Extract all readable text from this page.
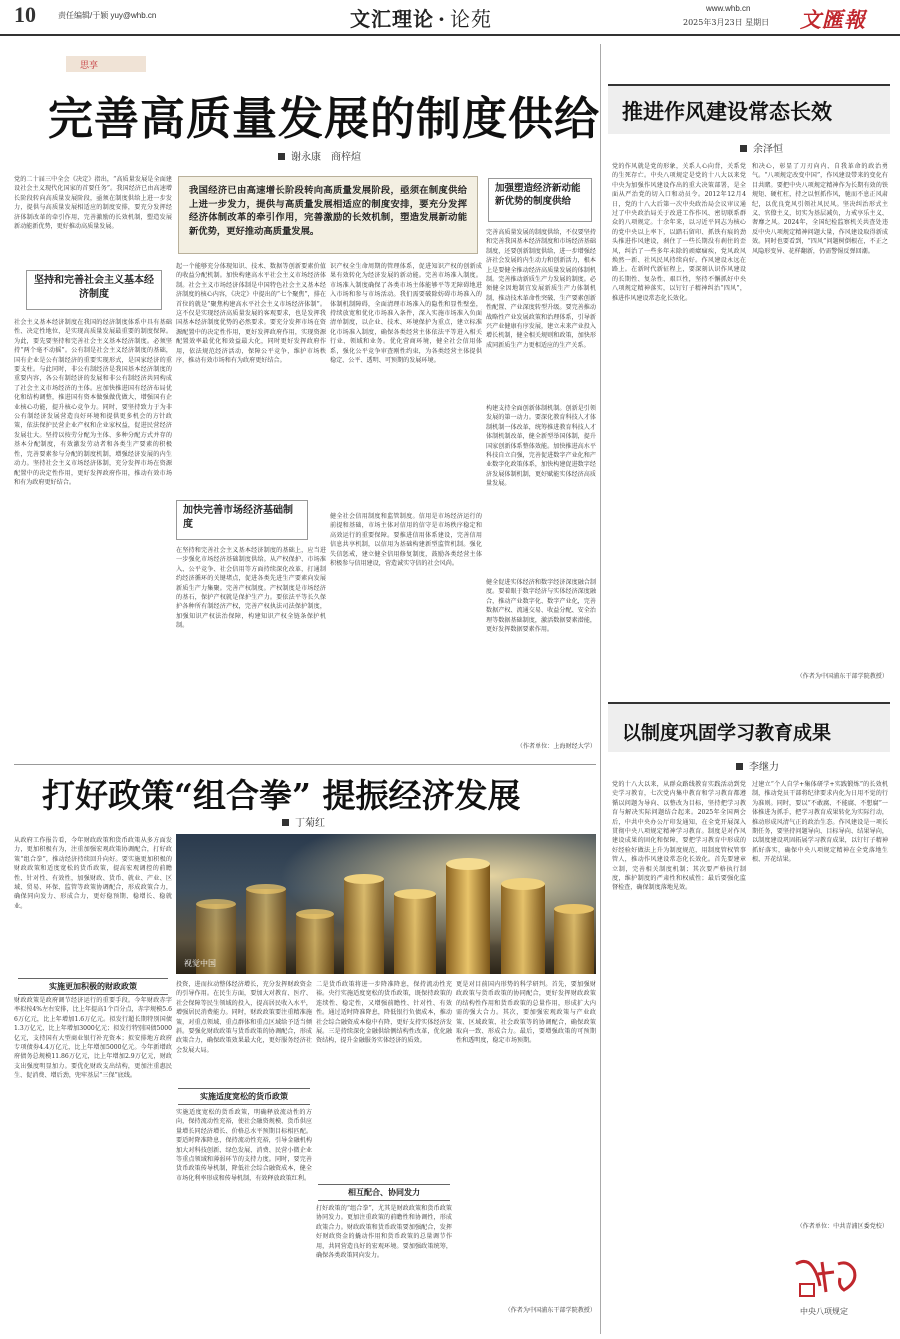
10	责任编辑/于颖 yuy@whb.cn	文汇理论 · 论苑	www.whb.cn
2025年3月23日 星期日 文匯報
思享
完善高质量发展的制度供给
谢永康　商梓煊
我国经济已由高速增长阶段转向高质量发展阶段，亟须在制度供给上进一步发力，提供与高质量发展相适应的制度安排，要充分发挥经济体制改革的牵引作用，完善激励的长效机制，塑造发展新动能新优势，更好推动高质量发展。
党的二十届三中全会《决定》指出，“高质量发展是全面建设社会主义现代化国家的首要任务”。我国经济已由高速增长阶段转向高质量发展阶段，亟须在制度供给上进一步发力，提供与高质量发展相适应的制度安排，要充分发挥经济体制改革的牵引作用，完善激励的长效机制，塑造发展新动能新优势，更好推动高质量发展。
坚持和完善社会主义基本经济制度
社会主义基本经济制度在我国的经济制度体系中具有基础性、决定性地位，是实现高质量发展最重要的制度保障。为此，要先要坚持和完善社会主义基本经济制度。必须坚持“两个毫不动摇”。公有制是社会主义经济制度的基础，国有企业是公有制经济的重要实现形式，是国家经济的重要支柱。与此同时，非公有制经济是我国基本经济制度的重要内容，各公有制经济的发展和非公有制经济共同构成了社会主义市场经济的主体。应加快推进国有经济布局优化和结构调整，推进国有资本做强做优做大，增强国有企业核心功能，提升核心竞争力。同时，要坚持致力于为非公有制经济发展营造良好环境和提供更多机会的方针政策，依法保护民营企业产权和企业家权益，促进民营经济发展壮大。坚持以按劳分配为主体、多种分配方式并存的基本分配制度，有效激发劳动者和各类生产要素的积极性，完善要素参与分配的制度机制，增强经济发展的内生动力。坚持社会主义市场经济体制，充分发挥市场在资源配置中的决定性作用，更好发挥政府作用，推动有效市场和有为政府更好结合。
起一个能够充分体现知识、技术、数据等创新要素价值的收益分配机制。加快构建高水平社会主义市场经济体制。社会主义市场经济体制是中国特色社会主义基本经济制度的核心内容，《决定》中提出的“七个聚焦”，排在首位的就是“聚焦构建高水平社会主义市场经济体制”。这不仅是实现经济高质量发展的客观要求，也是发挥我国基本经济制度优势的必然要求。要充分发挥市场在资源配置中的决定性作用，更好发挥政府作用，实现资源配置效率最优化和效益最大化，同时更好发挥政府作用，依法规范经济活动，保障公平竞争，维护市场秩序，推动有效市场和有为政府更好结合。
加快完善市场经济基础制度
在坚持和完善社会主义基本经济制度的基础上，应当进一步强化市场经济基础制度供给。从产权保护、市场准入、公平竞争、社会信用等方面持续深化改革，打通制约经济循环的关键堵点，促进各类先进生产要素向发展新质生产力集聚。完善产权制度。产权制度是市场经济的基石，保护产权就是保护生产力。要依法平等长久保护各种所有制经济产权，完善产权执法司法保护制度，加强知识产权法治保障，构建知识产权全链条保护机制。
识产权全生命周期的管理体系，促进知识产权的创新成果有效转化为经济发展的新动能。完善市场准入制度。市场准入制度确保了各类市场主体能够平等无障碍地进入市场和参与市场活动。我们需要破除妨碍市场准入的体制机制障碍，全面清理市场准入的隐性和显性壁垒，持续放宽和优化市场准入条件，深入实施市场准入负面清单制度，以企业、技术、环境保护为重点，建立标准化市场准入制度，确保各类经营主体依法平等进入相关行业、领域和业务。优化营商环境，健全社会信用体系，强化公平竞争审查刚性约束，为各类经营主体提供稳定、公平、透明、可预期的发展环境。
健全社会信用制度和监管制度。信用是市场经济运行的前提和基础，市场主体对信用的信守是市场秩序稳定和高效运行的重要保障。要推进信用体系建设，完善信用信息共享机制，以信用为基础构建新型监管机制。强化失信惩戒，建立健全信用修复制度，鼓励各类经营主体积极参与信用建设，营造诚实守信的社会风尚。
加强塑造经济新动能新优势的制度供给
完善高质量发展的制度供给，不仅要坚持和完善我国基本经济制度和市场经济基础制度，还要创新制度供给，进一步增强经济社会发展的内生动力和创新活力，根本上是要健全推动经济高质量发展的体制机制。完善推动新质生产力发展的制度。必须健全因地制宜发展新质生产力体制机制，推动技术革命性突破、生产要素创新性配置、产业深度转型升级。要完善推动战略性产业发展政策和治理体系，引导新兴产业健康有序发展，建立未来产业投入增长机制，健全相关规则和政策，加快形成同新质生产力更相适应的生产关系。
构建支持全面创新体制机制。创新是引领发展的第一动力。要深化教育科技人才体制机制一体改革，统筹推进教育科技人才体制机制改革，健全新型举国体制，提升国家创新体系整体效能。加快推进高水平科技自立自强，完善促进数字产业化和产业数字化政策体系，加快构建促进数字经济发展体制机制，更好赋能实体经济高质量发展。
健全促进实体经济和数字经济深度融合制度。要着眼于数字经济与实体经济深度融合，推动产业数字化、数字产业化，完善数据产权、流通交易、收益分配、安全治理等数据基础制度，激活数据要素潜能，更好发挥数据要素作用。
（作者单位：上海财经大学）
打好政策“组合拳” 提振经济发展
丁菊红
从政府工作报告看，今年财政政策和货币政策从多方面发力，更加积极有为，注重加强宏观政策协调配合，打好政策“组合拳”，推动经济持续回升向好。要实施更加积极的财政政策和适度宽松的货币政策，提高宏观调控的前瞻性、针对性、有效性，加强财政、货币、就业、产业、区域、贸易、环保、监管等政策协调配合，形成政策合力，确保同向发力、形成合力，更好稳预期、稳增长、稳就业。
视觉中国
实施更加积极的财政政策
财政政策是政府调节经济运行的重要手段。今年财政赤字率拟按4%左右安排，比上年提高1个百分点，赤字规模5.66万亿元，比上年增加1.6万亿元。拟发行超长期特别国债1.3万亿元，比上年增加3000亿元；拟发行特别国债5000亿元，支持国有大型商业银行补充资本；拟安排地方政府专项债券4.4万亿元，比上年增加5000亿元。今年新增政府债务总规模11.86万亿元，比上年增加2.9万亿元，财政支出强度明显加力。要优化财政支出结构，更加注重惠民生、促消费、增后劲，兜牢基层“三保”底线。
投资，进而拉动整体经济增长，充分发挥财政资金的引导作用。在民生方面，要加大对教育、医疗、社会保障等民生领域的投入，提高居民收入水平，增强居民消费能力。同时，财政政策要注重精准施策，对重点领域、重点群体和重点区域给予适当倾斜。要强化财政政策与货币政策的协调配合，形成政策合力，确保政策效果最大化，更好服务经济社会发展大局。
实施适度宽松的货币政策
实施适度宽松的货币政策，明确释放流动性的方向，保持流动性充裕，使社会融资规模、货币供应量增长同经济增长、价格总水平预期目标相匹配。要适时降准降息，保持流动性充裕，引导金融机构加大对科技创新、绿色发展、消费、民营小微企业等重点领域和薄弱环节的支持力度。同时，要完善货币政策传导机制，降低社会综合融资成本，健全市场化利率形成和传导机制，有效释放政策红利。
二是货币政策将进一步降准降息，保持流动性充裕。央行实施适度宽松的货币政策，既保持政策的连续性、稳定性，又增强前瞻性、针对性、有效性。通过适时降准降息，降低银行负债成本，推动社会综合融资成本稳中有降，更好支持实体经济发展。三是持续深化金融供给侧结构性改革，优化融资结构，提升金融服务实体经济的质效。
相互配合、协同发力
打好政策的“组合拳”，尤其是财政政策和货币政策协同发力。更加注重政策的前瞻性和协调性，形成政策合力。财政政策和货币政策要加强配合，发挥好财政资金的撬动作用和货币政策的总量调节作用，共同营造良好的宏观环境。要加强政策统筹，确保各类政策同向发力。
更是对目前国内形势的科学研判。首先，要加强财政政策与货币政策的协同配合，更好发挥财政政策的结构性作用和货币政策的总量作用，形成扩大内需的强大合力。其次，要加强宏观政策与产业政策、区域政策、社会政策等的协调配合，确保政策取向一致、形成合力。最后，要增强政策的可预期性和透明度，稳定市场预期。
（作者为中国浦东干部学院教授）
推进作风建设常态长效
余泽恒
党的作风就是党的形象，关系人心向背，关系党的生死存亡。中央八项规定是党的十八大以来党中央为加强作风建设作出的重大决策部署，是全面从严治党的切入口和动员令。2012年12月4日，党的十八大后第一次中央政治局会议审议通过了中央政治局关于改进工作作风、密切联系群众的八项规定。十余年来，以习近平同志为核心的党中央以上率下，以踏石留印、抓铁有痕的劲头推进作风建设，刹住了一些长期没有刹住的歪风，纠治了一些多年未除的顽瘴痼疾，党风政风焕然一新、社风民风持续向好。作风建设永远在路上。在新时代新征程上，要深刻认识作风建设的长期性、复杂性、艰巨性，坚持不懈抓好中央八项规定精神落实，以钉钉子精神纠治“四风”，推进作风建设常态化长效化。
和决心，彰显了刀刃向内、自我革命的政治勇气。“八项规定改变中国”，作风建设带来的变化有目共睹。要把中央八项规定精神作为长期有效的铁规矩、硬杠杠，持之以恒抓作风，驰而不息正风肃纪，以优良党风引领社风民风。坚决纠治形式主义、官僚主义，切实为基层减负，力戒享乐主义、奢靡之风。2024年，全国纪检监察机关共查处违反中央八项规定精神问题大量，作风建设取得新成效。同时也要看到，“四风”问题树倒根在，不正之风隐形变异、花样翻新，仍需警惕反弹回潮。
（作者为中国浦东干部学院教授）
以制度巩固学习教育成果
李继力
党的十八大以来，从群众路线教育实践活动到党史学习教育，七次党内集中教育和学习教育都遵循以问题为导向、以整改为目标，坚持把学习教育与解决实际问题结合起来。2025年全国两会后，中共中央办公厅印发通知，在全党开展深入贯彻中央八项规定精神学习教育。制度是对作风建设成果的固化和保障，要把学习教育中形成的好经验好做法上升为制度规范，用制度管权管事管人，推动作风建设常态化长效化。首先要建章立制，完善相关制度机制；其次要严格执行制度，维护制度的严肃性和权威性；最后要强化监督检查，确保制度落地见效。
过建立“个人自学+集体研学+实践锻炼”的长效机制，推动党员干部将纪律要求内化为日用不觉的行为准则。同时，要以“不敢腐、不能腐、不想腐”一体推进为抓手，把学习教育成果转化为实际行动，推动形成风清气正的政治生态。作风建设是一项长期任务，要坚持问题导向、目标导向、结果导向，以制度建设巩固拓展学习教育成果，以钉钉子精神抓好落实，确保中央八项规定精神在全党落地生根、开花结果。
（作者单位：中共青浦区委党校）
中央八项规定
